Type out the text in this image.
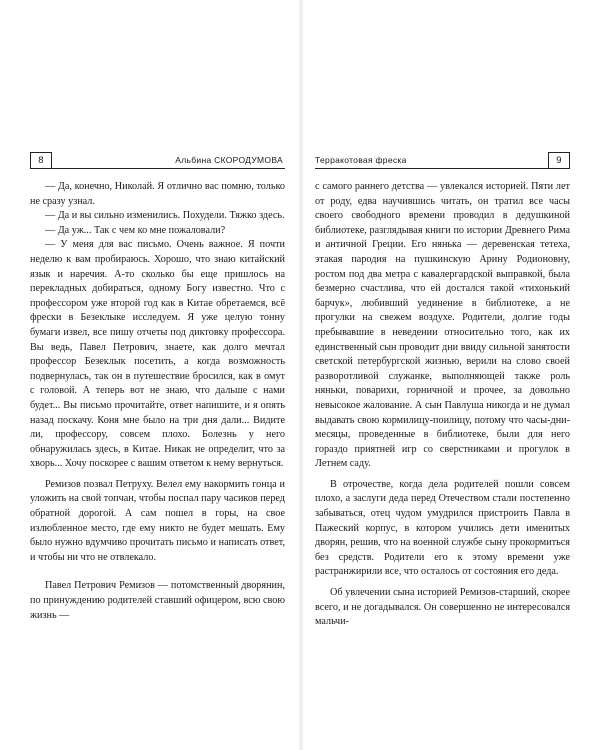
8	Альбина СКОРОДУМОВА

— Да, конечно, Николай. Я отлично вас помню, только не сразу узнал.

— Да и вы сильно изменились. Похудели. Тяжко здесь.

— Да уж... Так с чем ко мне пожаловали?

— У меня для вас письмо. Очень важное. Я почти неделю к вам пробираюсь. Хорошо, что знаю китайский язык и наречия. А-то сколько бы еще пришлось на перекладных добираться, одному Богу известно. Что с профессором уже второй год как в Китае обретаемся, всё фрески в Безеклыке исследуем. Я уже целую тонну бумаги извел, все пишу отчеты под диктовку профессора. Вы ведь, Павел Петрович, знаете, как долго мечтал профессор Безеклык посетить, а когда возможность подвернулась, так он в путешествие бросился, как в омут с головой. А теперь вот не знаю, что дальше с нами будет... Вы письмо прочитайте, ответ напишите, и я опять назад поскачу. Коня мне было на три дня дали... Видите ли, профессору, совсем плохо. Болезнь у него обнаружилась здесь, в Китае. Никак не определит, что за хворь... Хочу поскорее с вашим ответом к нему вернуться.

Ремизов позвал Петруху. Велел ему накормить гонца и уложить на свой топчан, чтобы поспал пару часиков перед обратной дорогой. А сам пошел в горы, на свое излюбленное место, где ему никто не будет мешать. Ему было нужно вдумчиво прочитать письмо и написать ответ, и чтобы ни что не отвлекало.

Павел Петрович Ремизов — потомственный дворянин, по принуждению родителей ставший офицером, всю свою жизнь —

Терракотовая фреска	9

с самого раннего детства — увлекался историей. Пяти лет от роду, едва научившись читать, он тратил все часы своего свободного времени проводил в дедушкиной библиотеке, разглядывая книги по истории Древнего Рима и античной Греции. Его нянька — деревенская тетеха, этакая пародия на пушкинскую Арину Родионовну, ростом под два метра с кавалергардской выправкой, была безмерно счастлива, что ей достался такой «тихонький барчук», любивший уединение в библиотеке, а не прогулки на свежем воздухе. Родители, долгие годы пребывавшие в неведении относительно того, как их единственный сын проводит дни ввиду сильной занятости светской петербургской жизнью, верили на слово своей разворотливой служанке, выполняющей также роль няньки, поварихи, горничной и прочее, за довольно невысокое жалование. А сын Павлуша никогда и не думал выдавать свою кормилицу-поилицу, потому что часы-дни-месяцы, проведенные в библиотеке, были для него гораздо приятней игр со сверстниками и прогулок в Летнем саду.

В отрочестве, когда дела родителей пошли совсем плохо, а заслуги деда перед Отечеством стали постепенно забываться, отец чудом умудрился пристроить Павла в Пажеский корпус, в котором учились дети именитых дворян, решив, что на военной службе сыну прокормиться без средств. Родители его к этому времени уже растранжирили все, что осталось от состояния его деда.

Об увлечении сына историей Ремизов-старший, скорее всего, и не догадывался. Он совершенно не интересовался мальчи-
